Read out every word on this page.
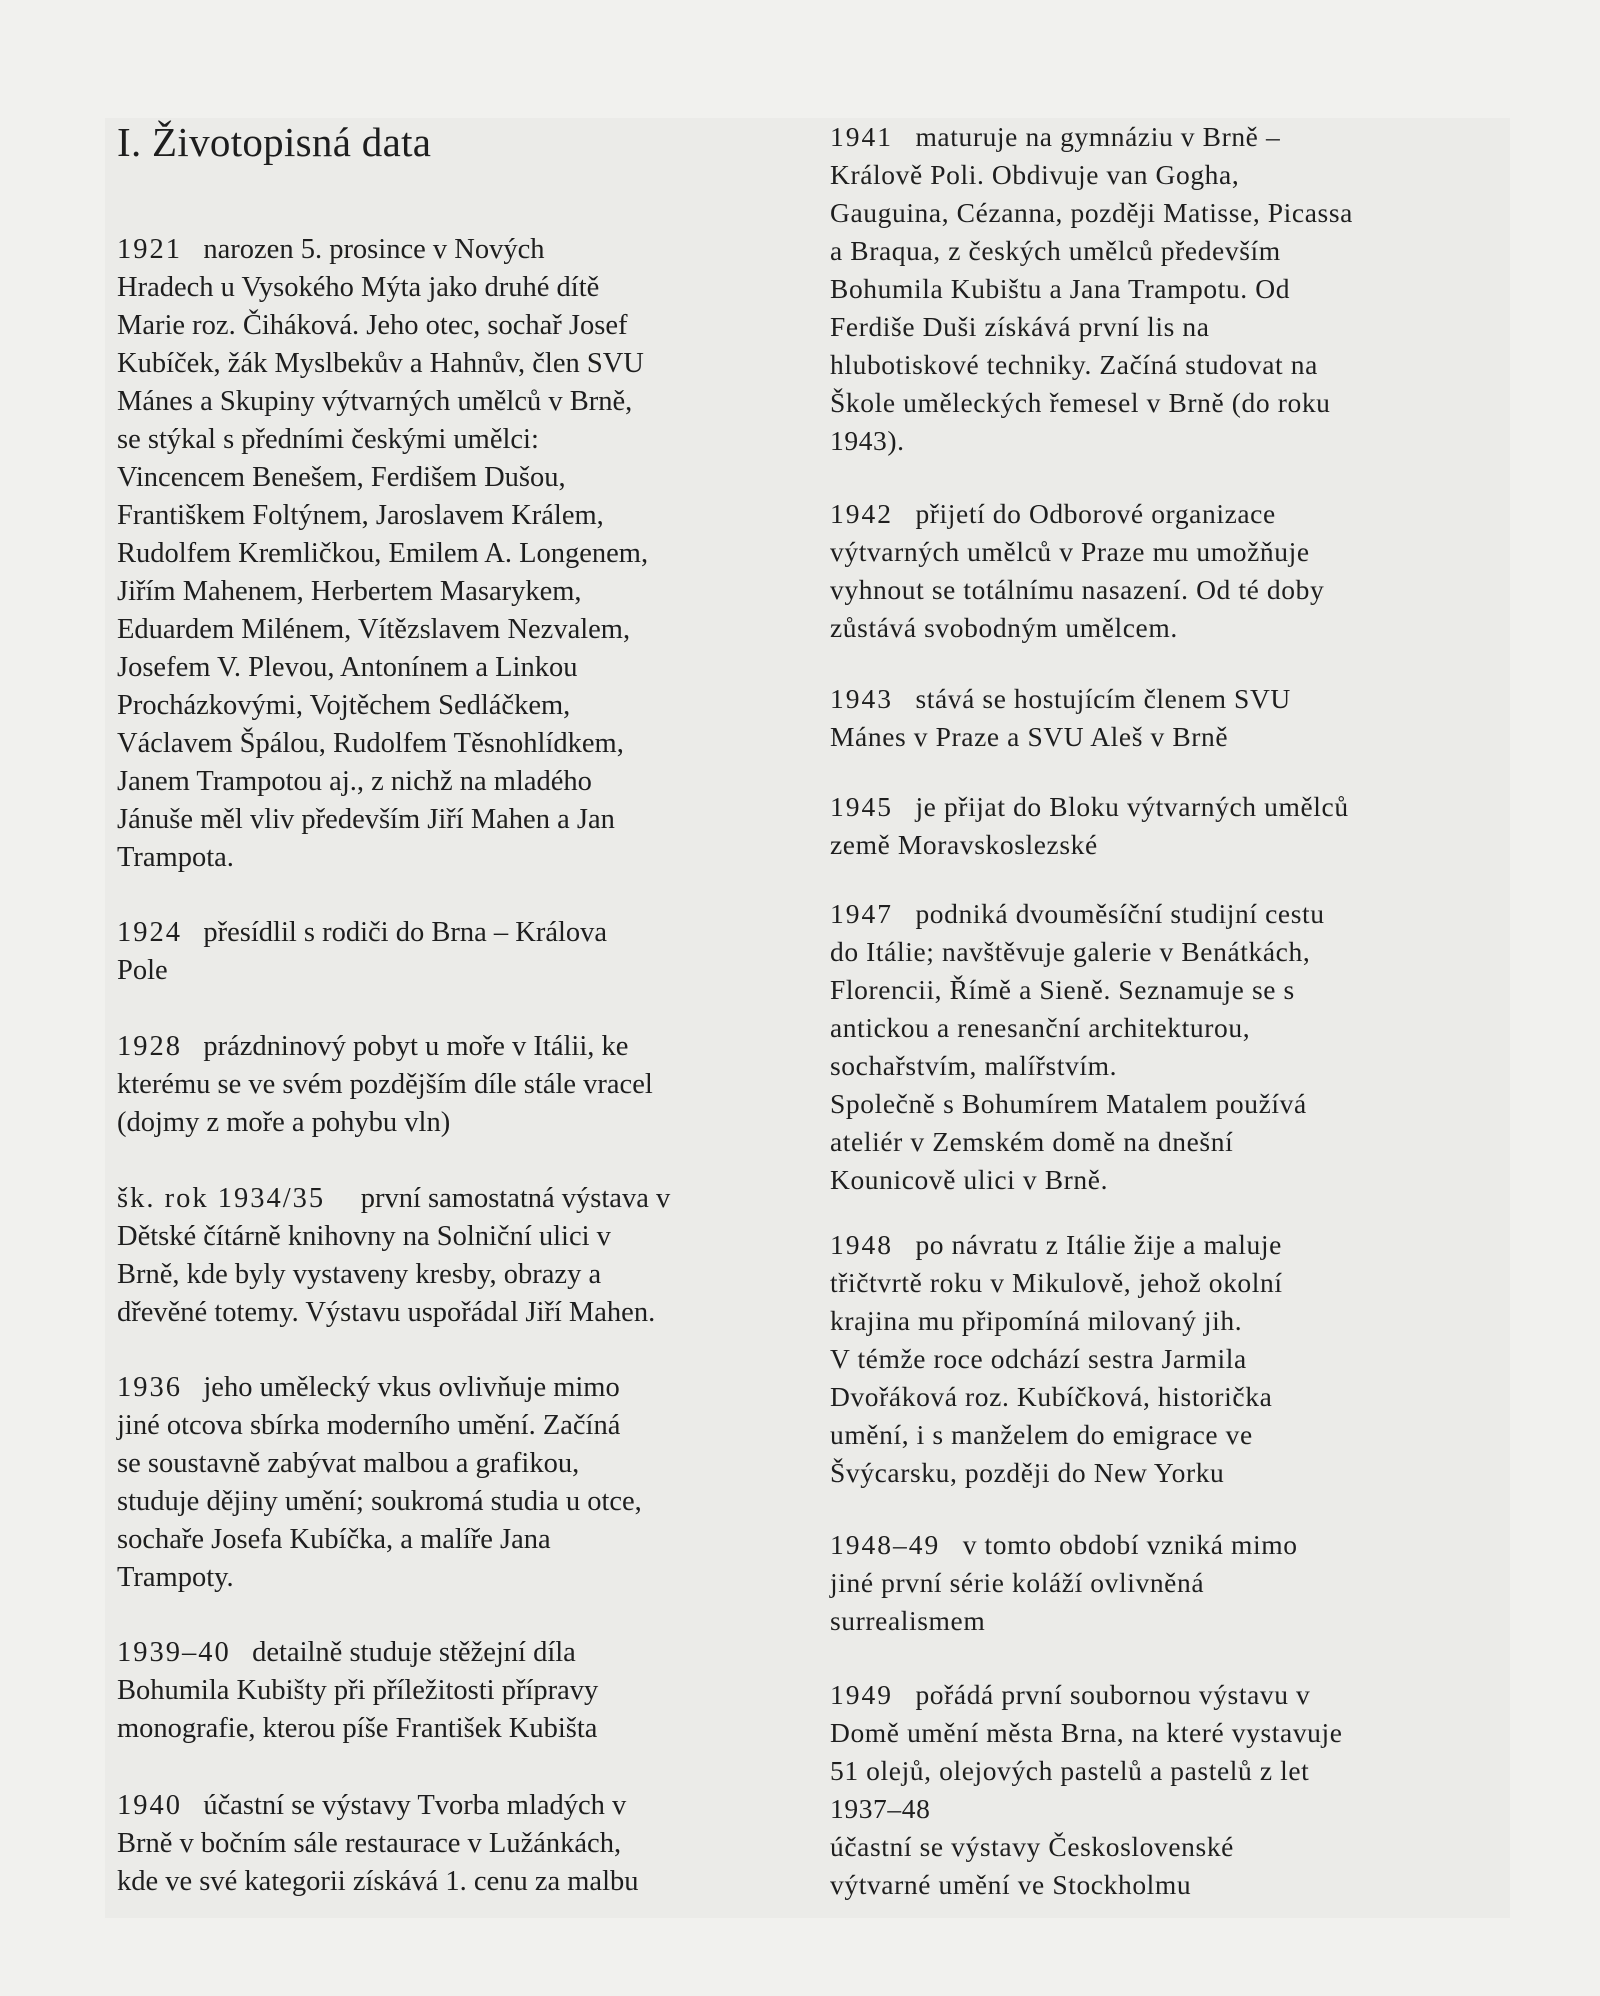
I. Životopisná data

1921 narozen 5. prosince v Nových
Hradech u Vysokého Mýta jako druhé dítě
Marie roz. Čiháková. Jeho otec, sochař Josef
Kubíček, žák Myslbekův a Hahnův, člen SVU
Mánes a Skupiny výtvarných umělců v Brně,
se stýkal s předními českými umělci:
Vincencem Benešem, Ferdišem Dušou,
Františkem Foltýnem, Jaroslavem Králem,
Rudolfem Kremličkou, Emilem A. Longenem,
Jiřím Mahenem, Herbertem Masarykem,
Eduardem Milénem, Vítězslavem Nezvalem,
Josefem V. Plevou, Antonínem a Linkou
Procházkovými, Vojtěchem Sedláčkem,
Václavem Špálou, Rudolfem Těsnohlídkem,
Janem Trampotou aj., z nichž na mladého
Jánuše měl vliv především Jiří Mahen a Jan
Trampota.

1924 přesídlil s rodiči do Brna – Králova
Pole

1928 prázdninový pobyt u moře v Itálii, ke
kterému se ve svém pozdějším díle stále vracel
(dojmy z moře a pohybu vln)

šk. rok 1934/35 první samostatná výstava v
Dětské čítárně knihovny na Solniční ulici v
Brně, kde byly vystaveny kresby, obrazy a
dřevěné totemy. Výstavu uspořádal Jiří Mahen.

1936 jeho umělecký vkus ovlivňuje mimo
jiné otcova sbírka moderního umění. Začíná
se soustavně zabývat malbou a grafikou,
studuje dějiny umění; soukromá studia u otce,
sochaře Josefa Kubíčka, a malíře Jana
Trampoty.

1939–40 detailně studuje stěžejní díla
Bohumila Kubišty při příležitosti přípravy
monografie, kterou píše František Kubišta

1940 účastní se výstavy Tvorba mladých v
Brně v bočním sále restaurace v Lužánkách,
kde ve své kategorii získává 1. cenu za malbu

1941 maturuje na gymnáziu v Brně –
Králově Poli. Obdivuje van Gogha,
Gauguina, Cézanna, později Matisse, Picassa
a Braqua, z českých umělců především
Bohumila Kubištu a Jana Trampotu. Od
Ferdiše Duši získává první lis na
hlubotiskové techniky. Začíná studovat na
Škole uměleckých řemesel v Brně (do roku
1943).

1942 přijetí do Odborové organizace
výtvarných umělců v Praze mu umožňuje
vyhnout se totálnímu nasazení. Od té doby
zůstává svobodným umělcem.

1943 stává se hostujícím členem SVU
Mánes v Praze a SVU Aleš v Brně

1945 je přijat do Bloku výtvarných umělců
země Moravskoslezské

1947 podniká dvouměsíční studijní cestu
do Itálie; navštěvuje galerie v Benátkách,
Florencii, Římě a Sieně. Seznamuje se s
antickou a renesanční architekturou,
sochařstvím, malířstvím.
Společně s Bohumírem Matalem používá
ateliér v Zemském domě na dnešní
Kounicově ulici v Brně.

1948 po návratu z Itálie žije a maluje
třičtvrtě roku v Mikulově, jehož okolní
krajina mu připomíná milovaný jih.
V témže roce odchází sestra Jarmila
Dvořáková roz. Kubíčková, historička
umění, i s manželem do emigrace ve
Švýcarsku, později do New Yorku

1948–49 v tomto období vzniká mimo
jiné první série koláží ovlivněná
surrealismem

1949 pořádá první soubornou výstavu v
Domě umění města Brna, na které vystavuje
51 olejů, olejových pastelů a pastelů z let
1937–48
účastní se výstavy Československé
výtvarné umění ve Stockholmu
